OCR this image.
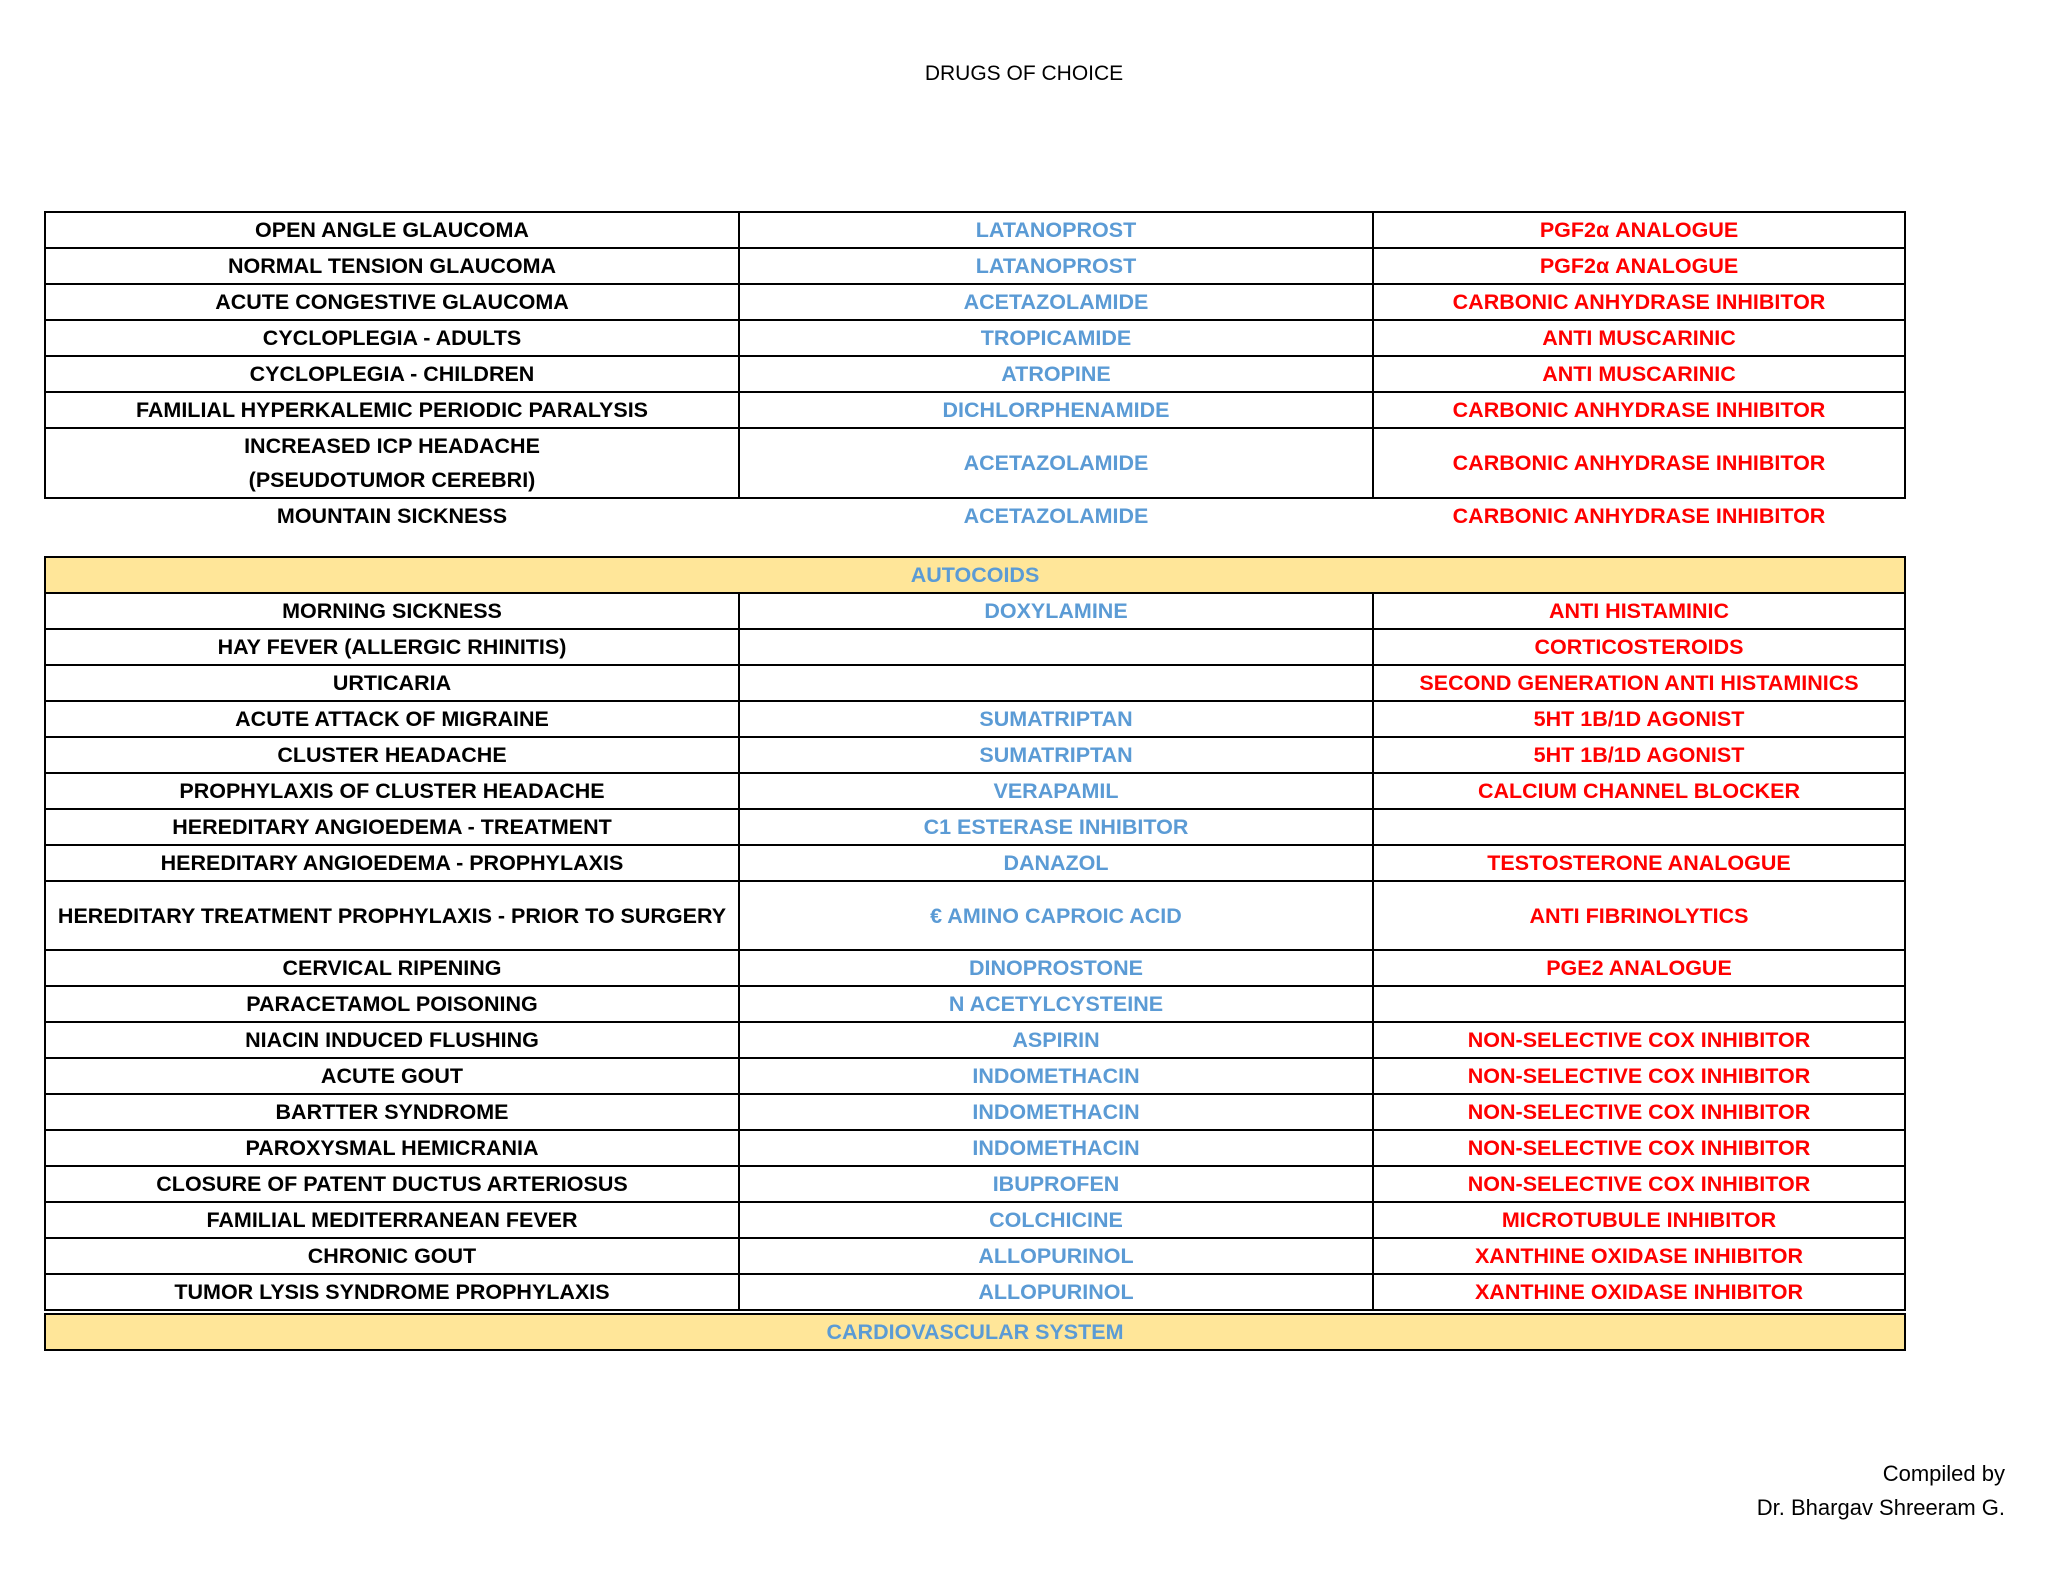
DRUGS OF CHOICE
OPEN ANGLE GLAUCOMA	LATANOPROST	PGF2α ANALOGUE
NORMAL TENSION GLAUCOMA	LATANOPROST	PGF2α ANALOGUE
ACUTE CONGESTIVE GLAUCOMA	ACETAZOLAMIDE	CARBONIC ANHYDRASE INHIBITOR
CYCLOPLEGIA - ADULTS	TROPICAMIDE	ANTI MUSCARINIC
CYCLOPLEGIA - CHILDREN	ATROPINE	ANTI MUSCARINIC
FAMILIAL HYPERKALEMIC PERIODIC PARALYSIS	DICHLORPHENAMIDE	CARBONIC ANHYDRASE INHIBITOR

INCREASED ICP HEADACHE
(PSEUDOTUMOR CEREBRI)	ACETAZOLAMIDE	CARBONIC ANHYDRASE INHIBITOR
MOUNTAIN SICKNESS	ACETAZOLAMIDE	CARBONIC ANHYDRASE INHIBITOR
AUTOCOIDS		
MORNING SICKNESS	DOXYLAMINE	ANTI HISTAMINIC
HAY FEVER (ALLERGIC RHINITIS)		CORTICOSTEROIDS
URTICARIA		SECOND GENERATION ANTI HISTAMINICS
ACUTE ATTACK OF MIGRAINE	SUMATRIPTAN	5HT 1B/1D AGONIST
CLUSTER HEADACHE	SUMATRIPTAN	5HT 1B/1D AGONIST
PROPHYLAXIS OF CLUSTER HEADACHE	VERAPAMIL	CALCIUM CHANNEL BLOCKER
HEREDITARY ANGIOEDEMA - TREATMENT	C1 ESTERASE INHIBITOR	
HEREDITARY ANGIOEDEMA - PROPHYLAXIS	DANAZOL	TESTOSTERONE ANALOGUE
HEREDITARY TREATMENT PROPHYLAXIS - PRIOR TO SURGERY	€ AMINO CAPROIC ACID	ANTI FIBRINOLYTICS
CERVICAL RIPENING	DINOPROSTONE	PGE2 ANALOGUE
PARACETAMOL POISONING	N ACETYLCYSTEINE	
NIACIN INDUCED FLUSHING	ASPIRIN	NON-SELECTIVE COX INHIBITOR
ACUTE GOUT	INDOMETHACIN	NON-SELECTIVE COX INHIBITOR
BARTTER SYNDROME	INDOMETHACIN	NON-SELECTIVE COX INHIBITOR
PAROXYSMAL HEMICRANIA	INDOMETHACIN	NON-SELECTIVE COX INHIBITOR
CLOSURE OF PATENT DUCTUS ARTERIOSUS	IBUPROFEN	NON-SELECTIVE COX INHIBITOR
FAMILIAL MEDITERRANEAN FEVER	COLCHICINE	MICROTUBULE INHIBITOR
CHRONIC GOUT	ALLOPURINOL	XANTHINE OXIDASE INHIBITOR
TUMOR LYSIS SYNDROME PROPHYLAXIS	ALLOPURINOL	XANTHINE OXIDASE INHIBITOR
CARDIOVASCULAR SYSTEM
Compiled by
Dr. Bhargav Shreeram G.
